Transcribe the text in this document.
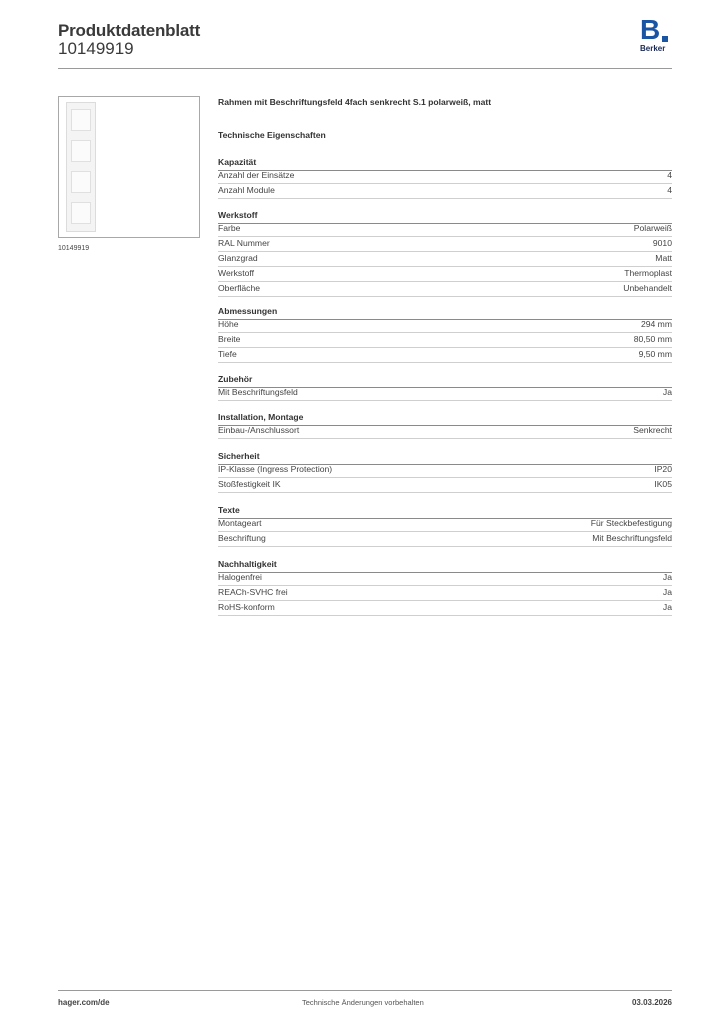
Produktdatenblatt
10149919
B
Berker
10149919
Rahmen mit Beschriftungsfeld 4fach senkrecht S.1 polarweiß, matt
Technische Eigenschaften
Kapazität
Anzahl der Einsätze	4
Anzahl Module	4
Werkstoff
Farbe	Polarweiß
RAL Nummer	9010
Glanzgrad	Matt
Werkstoff	Thermoplast
Oberfläche	Unbehandelt
Abmessungen
Höhe	294 mm
Breite	80,50 mm
Tiefe	9,50 mm
Zubehör
Mit Beschriftungsfeld	Ja
Installation, Montage
Einbau-/Anschlussort	Senkrecht
Sicherheit
IP-Klasse (Ingress Protection)	IP20
Stoßfestigkeit IK	IK05
Texte
Montageart	Für Steckbefestigung
Beschriftung	Mit Beschriftungsfeld
Nachhaltigkeit
Halogenfrei	Ja
REACh-SVHC frei	Ja
RoHS-konform	Ja
hager.com/de	Technische Änderungen vorbehalten	03.03.2026
